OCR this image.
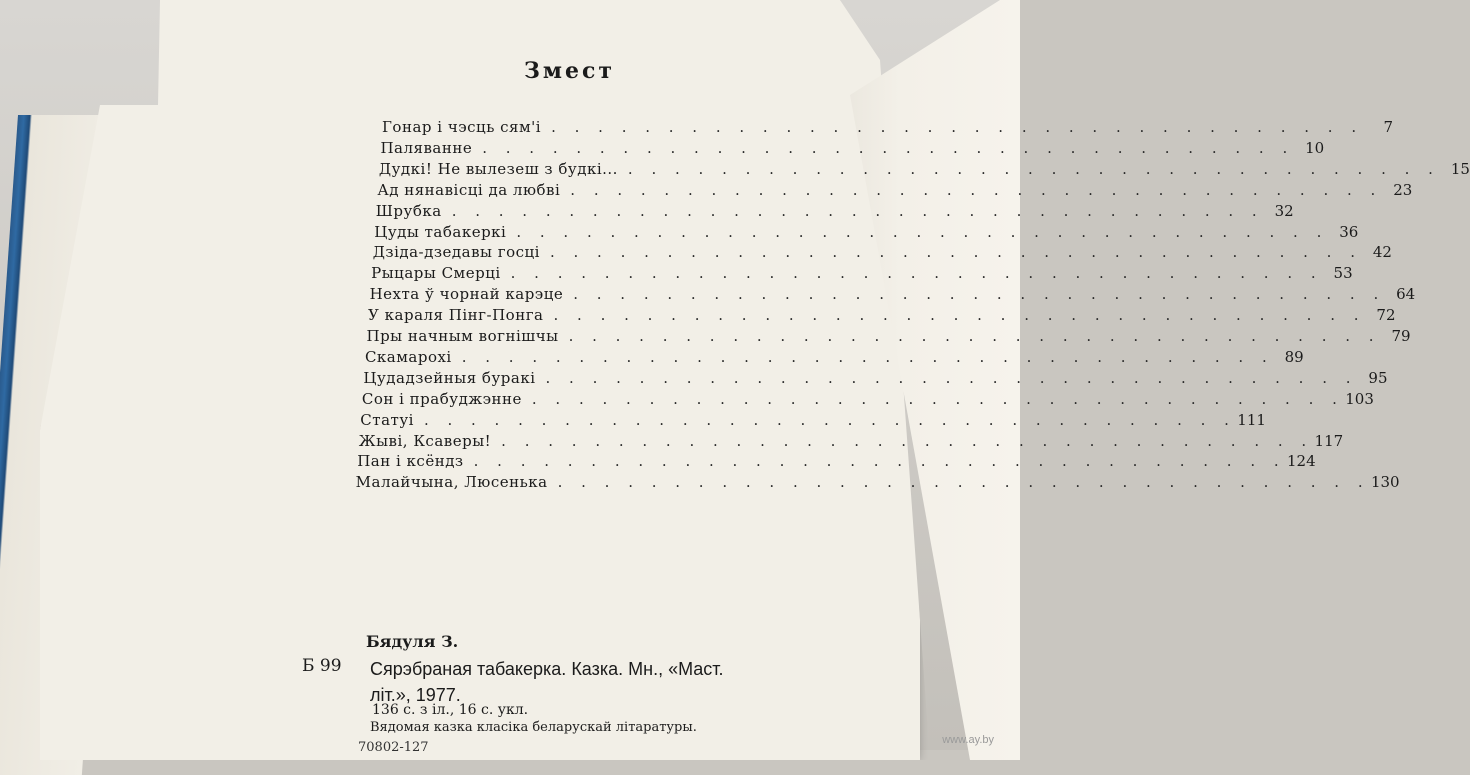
Змест
Гонар і чэсць сям'і . . . . . . . . . . . . . . . . . . . . . . . . . . . . . . . . . . .	7
Паляванне . . . . . . . . . . . . . . . . . . . . . . . . . . . . . . . . . . . 10
Дудкі! Не вылезеш з будкі... . . . . . . . . . . . . . . . . . . . . . . . . . . . . . . . . . . . 15
Ад нянавісці да любві . . . . . . . . . . . . . . . . . . . . . . . . . . . . . . . . . . . 23
Шрубка . . . . . . . . . . . . . . . . . . . . . . . . . . . . . . . . . . . 32
Цуды табакеркі . . . . . . . . . . . . . . . . . . . . . . . . . . . . . . . . . . . 36
Дзіда-дзедавы госці . . . . . . . . . . . . . . . . . . . . . . . . . . . . . . . . . . . 42
Рыцары Смерці . . . . . . . . . . . . . . . . . . . . . . . . . . . . . . . . . . . 53
Нехта ў чорнай карэце . . . . . . . . . . . . . . . . . . . . . . . . . . . . . . . . . . . 64
У караля Пінг-Понга . . . . . . . . . . . . . . . . . . . . . . . . . . . . . . . . . . . 72
Пры начным вогнішчы . . . . . . . . . . . . . . . . . . . . . . . . . . . . . . . . . . . 79
Скамарохі . . . . . . . . . . . . . . . . . . . . . . . . . . . . . . . . . . . 89
Цудадзейныя буракі . . . . . . . . . . . . . . . . . . . . . . . . . . . . . . . . . . . 95
Сон і прабуджэнне . . . . . . . . . . . . . . . . . . . . . . . . . . . . . . . . . . . 103
Статуі . . . . . . . . . . . . . . . . . . . . . . . . . . . . . . . . . . . 111
Жыві, Ксаверы! . . . . . . . . . . . . . . . . . . . . . . . . . . . . . . . . . . . 117
Пан і ксёндз . . . . . . . . . . . . . . . . . . . . . . . . . . . . . . . . . . . 124
Малайчына, Люсенька . . . . . . . . . . . . . . . . . . . . . . . . . . . . . . . . . . . 130
Бядуля З.
Б 99 Сярэбраная табакерка. Казка. Мн., «Маст. літ.», 1977.
136 с. з іл., 16 с. укл.
Вядомая казка класіка беларускай літаратуры.
70802-127	www.ay.by
